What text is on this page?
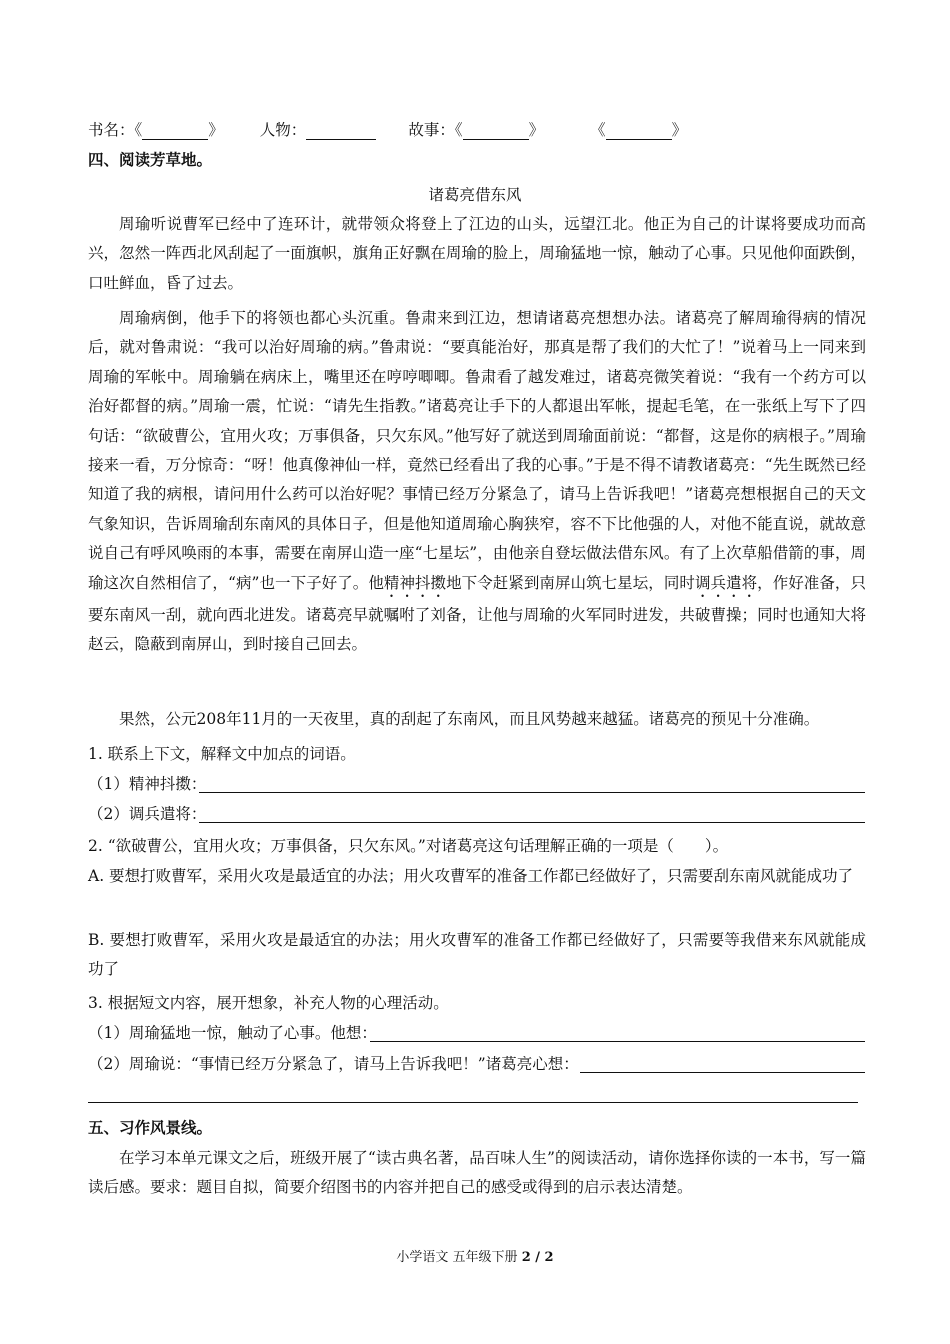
书名：《	》 人物：	故事：《	》	《	》
四、阅读芳草地。
诸葛亮借东风

周瑜听说曹军已经中了连环计，就带领众将登上了江边的山头，远望江北。他正为自己的计谋将要成功而高兴，忽然一阵西北风刮起了一面旗帜，旗角正好飘在周瑜的脸上，周瑜猛地一惊，触动了心事。只见他仰面跌倒，口吐鲜血，昏了过去。

周瑜病倒，他手下的将领也都心头沉重。鲁肃来到江边，想请诸葛亮想想办法。诸葛亮了解周瑜得病的情况后，就对鲁肃说：“我可以治好周瑜的病。”鲁肃说：“要真能治好，那真是帮了我们的大忙了！”说着马上一同来到周瑜的军帐中。周瑜躺在病床上，嘴里还在哼哼唧唧。鲁肃看了越发难过，诸葛亮微笑着说：“我有一个药方可以治好都督的病。”周瑜一震，忙说：“请先生指教。”诸葛亮让手下的人都退出军帐，提起毛笔，在一张纸上写下了四句话：“欲破曹公，宜用火攻；万事俱备，只欠东风。”他写好了就送到周瑜面前说：“都督，这是你的病根子。”周瑜接来一看，万分惊奇：“呀！他真像神仙一样，竟然已经看出了我的心事。”于是不得不请教诸葛亮：“先生既然已经知道了我的病根，请问用什么药可以治好呢？事情已经万分紧急了，请马上告诉我吧！”诸葛亮想根据自己的天文气象知识，告诉周瑜刮东南风的具体日子，但是他知道周瑜心胸狭窄，容不下比他强的人，对他不能直说，就故意说自己有呼风唤雨的本事，需要在南屏山造一座“七星坛”，由他亲自登坛做法借东风。有了上次草船借箭的事，周瑜这次自然相信了，“病”也一下子好了。他精神抖擞地下令赶紧到南屏山筑七星坛，同时调兵遣将，作好准备，只要东南风一刮，就向西北进发。诸葛亮早就嘱咐了刘备，让他与周瑜的火军同时进发，共破曹操；同时也通知大将赵云，隐蔽到南屏山，到时接自己回去。

果然，公元208年11月的一天夜里，真的刮起了东南风，而且风势越来越猛。诸葛亮的预见十分准确。

1. 联系上下文，解释文中加点的词语。
（1）精神抖擞：
（2）调兵遣将：
2. “欲破曹公，宜用火攻；万事俱备，只欠东风。”对诸葛亮这句话理解正确的一项是（　　）。

A. 要想打败曹军，采用火攻是最适宜的办法；用火攻曹军的准备工作都已经做好了，只需要刮东南风就能成功了

B. 要想打败曹军，采用火攻是最适宜的办法；用火攻曹军的准备工作都已经做好了，只需要等我借来东风就能成功了

3. 根据短文内容，展开想象，补充人物的心理活动。
（1）周瑜猛地一惊，触动了心事。他想：
（2）周瑜说：“事情已经万分紧急了，请马上告诉我吧！”诸葛亮心想：
五、习作风景线。

在学习本单元课文之后，班级开展了“读古典名著，品百味人生”的阅读活动，请你选择你读的一本书，写一篇读后感。要求：题目自拟，简要介绍图书的内容并把自己的感受或得到的启示表达清楚。

小学语文 五年级下册 2 / 2
